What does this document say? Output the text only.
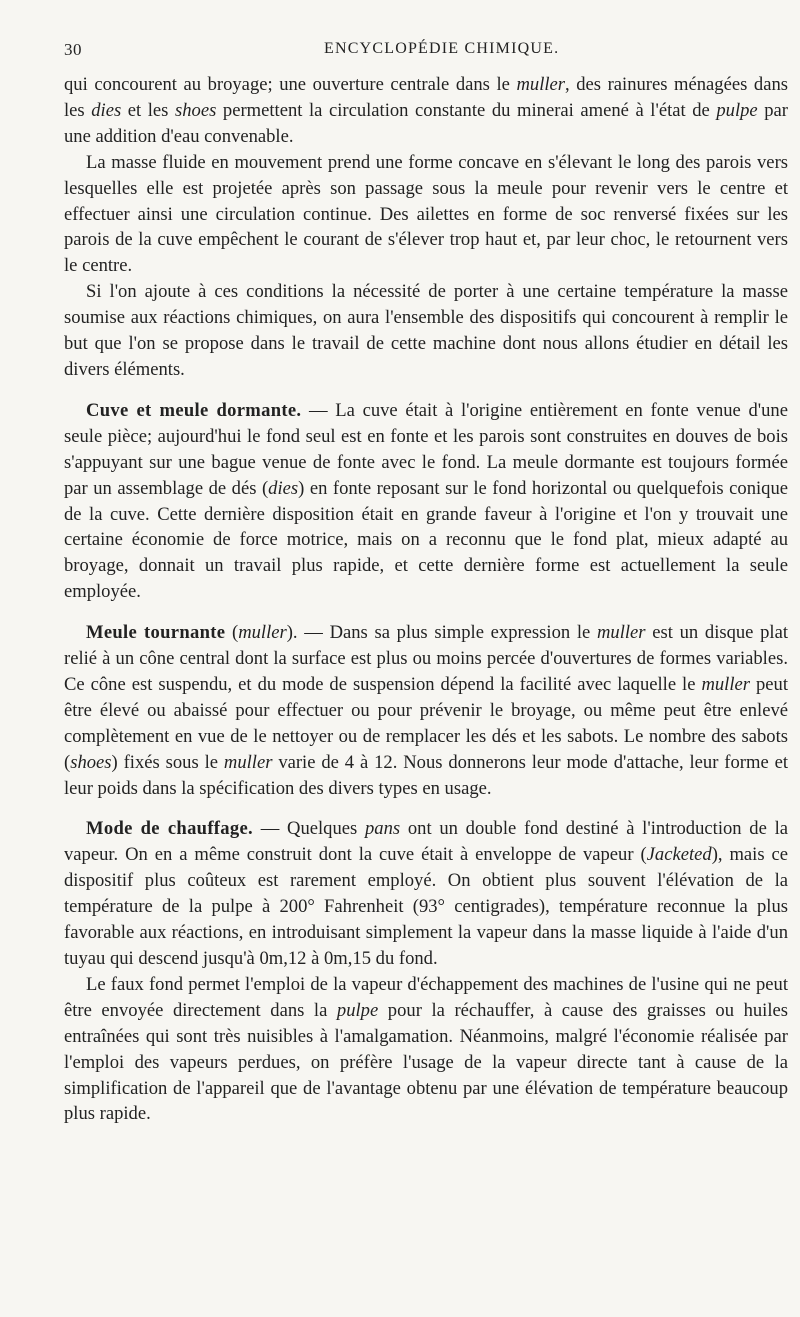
30	ENCYCLOPÉDIE CHIMIQUE.

qui concourent au broyage; une ouverture centrale dans le muller, des rainures ménagées dans les dies et les shoes permettent la circulation constante du minerai amené à l'état de pulpe par une addition d'eau convenable.

La masse fluide en mouvement prend une forme concave en s'élevant le long des parois vers lesquelles elle est projetée après son passage sous la meule pour revenir vers le centre et effectuer ainsi une circulation continue. Des ailettes en forme de soc renversé fixées sur les parois de la cuve empêchent le courant de s'élever trop haut et, par leur choc, le retournent vers le centre.

Si l'on ajoute à ces conditions la nécessité de porter à une certaine température la masse soumise aux réactions chimiques, on aura l'ensemble des dispositifs qui concourent à remplir le but que l'on se propose dans le travail de cette machine dont nous allons étudier en détail les divers éléments.

Cuve et meule dormante. — La cuve était à l'origine entièrement en fonte venue d'une seule pièce; aujourd'hui le fond seul est en fonte et les parois sont construites en douves de bois s'appuyant sur une bague venue de fonte avec le fond. La meule dormante est toujours formée par un assemblage de dés (dies) en fonte reposant sur le fond horizontal ou quelquefois conique de la cuve. Cette dernière disposition était en grande faveur à l'origine et l'on y trouvait une certaine économie de force motrice, mais on a reconnu que le fond plat, mieux adapté au broyage, donnait un travail plus rapide, et cette dernière forme est actuellement la seule employée.

Meule tournante (muller). — Dans sa plus simple expression le muller est un disque plat relié à un cône central dont la surface est plus ou moins percée d'ouvertures de formes variables. Ce cône est suspendu, et du mode de suspension dépend la facilité avec laquelle le muller peut être élevé ou abaissé pour effectuer ou pour prévenir le broyage, ou même peut être enlevé complètement en vue de le nettoyer ou de remplacer les dés et les sabots. Le nombre des sabots (shoes) fixés sous le muller varie de 4 à 12. Nous donnerons leur mode d'attache, leur forme et leur poids dans la spécification des divers types en usage.

Mode de chauffage. — Quelques pans ont un double fond destiné à l'introduction de la vapeur. On en a même construit dont la cuve était à enveloppe de vapeur (Jacketed), mais ce dispositif plus coûteux est rarement employé. On obtient plus souvent l'élévation de la température de la pulpe à 200° Fahrenheit (93° centigrades), température reconnue la plus favorable aux réactions, en introduisant simplement la vapeur dans la masse liquide à l'aide d'un tuyau qui descend jusqu'à 0m,12 à 0m,15 du fond.

Le faux fond permet l'emploi de la vapeur d'échappement des machines de l'usine qui ne peut être envoyée directement dans la pulpe pour la réchauffer, à cause des graisses ou huiles entraînées qui sont très nuisibles à l'amalgamation. Néanmoins, malgré l'économie réalisée par l'emploi des vapeurs perdues, on préfère l'usage de la vapeur directe tant à cause de la simplification de l'appareil que de l'avantage obtenu par une élévation de température beaucoup plus rapide.
